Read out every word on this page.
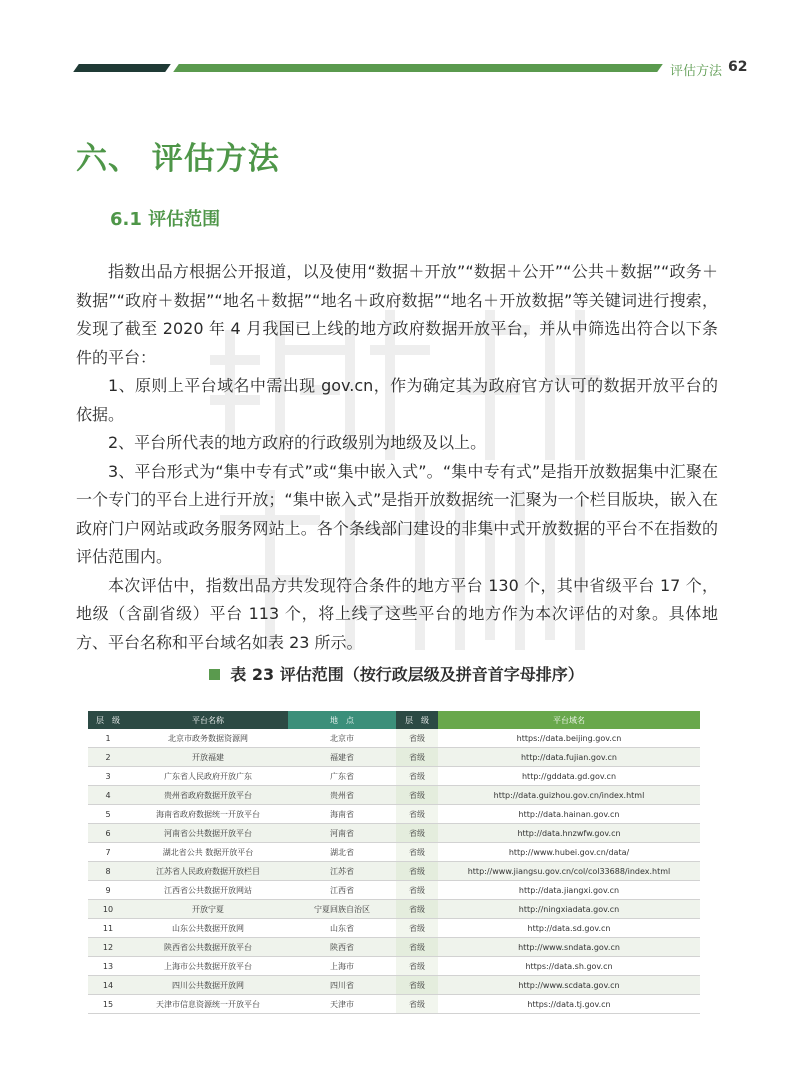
评估方法 62
六、 评估方法
6.1 评估范围

指数出品方根据公开报道，以及使用“数据＋开放”“数据＋公开”“公共＋数据”“政务＋数据”“政府＋数据”“地名＋数据”“地名＋政府数据”“地名＋开放数据”等关键词进行搜索，发现了截至 2020 年 4 月我国已上线的地方政府数据开放平台，并从中筛选出符合以下条件的平台：

1、原则上平台域名中需出现 gov.cn，作为确定其为政府官方认可的数据开放平台的依据。

2、平台所代表的地方政府的行政级别为地级及以上。

3、平台形式为“集中专有式”或“集中嵌入式”。“集中专有式”是指开放数据集中汇聚在一个专门的平台上进行开放；“集中嵌入式”是指开放数据统一汇聚为一个栏目版块，嵌入在政府门户网站或政务服务网站上。各个条线部门建设的非集中式开放数据的平台不在指数的评估范围内。

本次评估中，指数出品方共发现符合条件的地方平台 130 个，其中省级平台 17 个，地级（含副省级）平台 113 个，将上线了这些平台的地方作为本次评估的对象。具体地方、平台名称和平台域名如表 23 所示。

表 23 评估范围（按行政层级及拼音首字母排序）
层　级	平台名称	地　点	层　级	平台域名
1	北京市政务数据资源网	北京市	省级	https://data.beijing.gov.cn
2	开放福建	福建省	省级	http://data.fujian.gov.cn
3	广东省人民政府开放广东	广东省	省级	http://gddata.gd.gov.cn
4	贵州省政府数据开放平台	贵州省	省级	http://data.guizhou.gov.cn/index.html
5	海南省政府数据统一开放平台	海南省	省级	http://data.hainan.gov.cn
6	河南省公共数据开放平台	河南省	省级	http://data.hnzwfw.gov.cn
7	湖北省公共 数据开放平台	湖北省	省级	http://www.hubei.gov.cn/data/
8	江苏省人民政府数据开放栏目	江苏省	省级	http://www.jiangsu.gov.cn/col/col33688/index.html
9	江西省公共数据开放网站	江西省	省级	http://data.jiangxi.gov.cn
10	开放宁夏	宁夏回族自治区	省级	http://ningxiadata.gov.cn
11	山东公共数据开放网	山东省	省级	http://data.sd.gov.cn
12	陕西省公共数据开放平台	陕西省	省级	http://www.sndata.gov.cn
13	上海市公共数据开放平台	上海市	省级	https://data.sh.gov.cn
14	四川公共数据开放网	四川省	省级	http://www.scdata.gov.cn
15	天津市信息资源统一开放平台	天津市	省级	https://data.tj.gov.cn
